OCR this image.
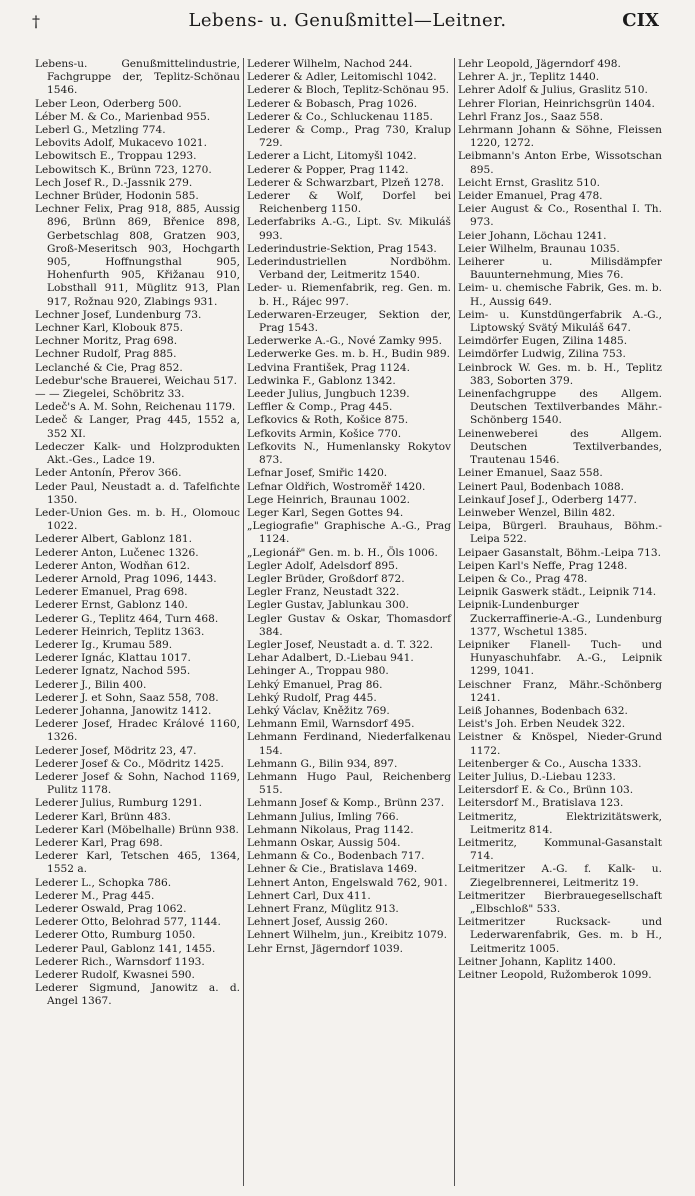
†	Lebens- u. Genußmittel—Leitner.	CIX

Lebens-u. Genußmittelindustrie, Fachgruppe der, Teplitz-Schönau 1546.

Leber Leon, Oderberg 500.

Léber M. & Co., Marienbad 955.

Leberl G., Metzling 774.

Lebovits Adolf, Mukacevo 1021.

Lebowitsch E., Troppau 1293.

Lebowitsch K., Brünn 723, 1270.

Lech Josef R., D.-Jassnik 279.

Lechner Brüder, Hodonin 585.

Lechner Felix, Prag 918, 885, Aussig 896, Brünn 869, Břenice 898, Gerbetschlag 808, Gratzen 903, Groß-Meseritsch 903, Hochgarth 905, Hoffnungsthal 905, Hohenfurth 905, Křižanau 910, Lobsthall 911, Müglitz 913, Plan 917, Rožnau 920, Zlabings 931.

Lechner Josef, Lundenburg 73.

Lechner Karl, Klobouk 875.

Lechner Moritz, Prag 698.

Lechner Rudolf, Prag 885.

Leclanché & Cie, Prag 852.

Ledebur'sche Brauerei, Weichau 517.

— — Ziegelei, Schöbritz 33.

Ledeč's A. M. Sohn, Reichenau 1179.

Ledeč & Langer, Prag 445, 1552 a, 352 XI.

Ledeczer Kalk- und Holzprodukten Akt.-Ges., Ladce 19.

Leder Antonín, Přerov 366.

Leder Paul, Neustadt a. d. Tafelfichte 1350.

Leder-Union Ges. m. b. H., Olomouc 1022.

Lederer Albert, Gablonz 181.

Lederer Anton, Lučenec 1326.

Lederer Anton, Wodňan 612.

Lederer Arnold, Prag 1096, 1443.

Lederer Emanuel, Prag 698.

Lederer Ernst, Gablonz 140.

Lederer G., Teplitz 464, Turn 468.

Lederer Heinrich, Teplitz 1363.

Lederer Ig., Krumau 589.

Lederer Ignác, Klattau 1017.

Lederer Ignatz, Nachod 595.

Lederer J., Bilin 400.

Lederer J. et Sohn, Saaz 558, 708.

Lederer Johanna, Janowitz 1412.

Lederer Josef, Hradec Králové 1160, 1326.

Lederer Josef, Mödritz 23, 47.

Lederer Josef & Co., Mödritz 1425.

Lederer Josef & Sohn, Nachod 1169, Pulitz 1178.

Lederer Julius, Rumburg 1291.

Lederer Karl, Brünn 483.

Lederer Karl (Möbelhalle) Brünn 938.

Lederer Karl, Prag 698.

Lederer Karl, Tetschen 465, 1364, 1552 a.

Lederer L., Schopka 786.

Lederer M., Prag 445.

Lederer Oswald, Prag 1062.

Lederer Otto, Belohrad 577, 1144.

Lederer Otto, Rumburg 1050.

Lederer Paul, Gablonz 141, 1455.

Lederer Rich., Warnsdorf 1193.

Lederer Rudolf, Kwasnei 590.

Lederer Sigmund, Janowitz a. d. Angel 1367.

Lederer Wilhelm, Nachod 244.

Lederer & Adler, Leitomischl 1042.

Lederer & Bloch, Teplitz-Schönau 95.

Lederer & Bobasch, Prag 1026.

Lederer & Co., Schluckenau 1185.

Lederer & Comp., Prag 730, Kralup 729.

Lederer a Licht, Litomyšl 1042.

Lederer & Popper, Prag 1142.

Lederer & Schwarzbart, Plzeň 1278.

Lederer & Wolf, Dorfel bei Reichenberg 1150.

Lederfabriks A.-G., Lipt. Sv. Mikuláš 993.

Lederindustrie-Sektion, Prag 1543.

Lederindustriellen Nordböhm. Verband der, Leitmeritz 1540.

Leder- u. Riemenfabrik, reg. Gen. m. b. H., Rájec 997.

Lederwaren-Erzeuger, Sektion der, Prag 1543.

Lederwerke A.-G., Nové Zamky 995.

Lederwerke Ges. m. b. H., Budin 989.

Ledvina František, Prag 1124.

Ledwinka F., Gablonz 1342.

Leeder Julius, Jungbuch 1239.

Leffler & Comp., Prag 445.

Lefkovics & Roth, Košice 875.

Lefkovits Armin, Košice 770.

Lefkovits N., Humenlansky Rokytov 873.

Lefnar Josef, Smiřic 1420.

Lefnar Oldřich, Wostroměř 1420.

Lege Heinrich, Braunau 1002.

Leger Karl, Segen Gottes 94.

„Legiografie" Graphische A.-G., Prag 1124.

„Legionář" Gen. m. b. H., Öls 1006.

Legler Adolf, Adelsdorf 895.

Legler Brüder, Großdorf 872.

Legler Franz, Neustadt 322.

Legler Gustav, Jablunkau 300.

Legler Gustav & Oskar, Thomasdorf 384.

Legler Josef, Neustadt a. d. T. 322.

Lehar Adalbert, D.-Liebau 941.

Lehinger A., Troppau 980.

Lehký Emanuel, Prag 86.

Lehký Rudolf, Prag 445.

Lehký Václav, Kněžitz 769.

Lehmann Emil, Warnsdorf 495.

Lehmann Ferdinand, Niederfalkenau 154.

Lehmann G., Bilin 934, 897.

Lehmann Hugo Paul, Reichenberg 515.

Lehmann Josef & Komp., Brünn 237.

Lehmann Julius, Imling 766.

Lehmann Nikolaus, Prag 1142.

Lehmann Oskar, Aussig 504.

Lehmann & Co., Bodenbach 717.

Lehner & Cie., Bratislava 1469.

Lehnert Anton, Engelswald 762, 901.

Lehnert Carl, Dux 411.

Lehnert Franz, Müglitz 913.

Lehnert Josef, Aussig 260.

Lehnert Wilhelm, jun., Kreibitz 1079.

Lehr Ernst, Jägerndorf 1039.

Lehr Leopold, Jägerndorf 498.

Lehrer A. jr., Teplitz 1440.

Lehrer Adolf & Julius, Graslitz 510.

Lehrer Florian, Heinrichsgrün 1404.

Lehrl Franz Jos., Saaz 558.

Lehrmann Johann & Söhne, Fleissen 1220, 1272.

Leibmann's Anton Erbe, Wissotschan 895.

Leicht Ernst, Graslitz 510.

Leider Emanuel, Prag 478.

Leier August & Co., Rosenthal I. Th. 973.

Leier Johann, Löchau 1241.

Leier Wilhelm, Braunau 1035.

Leiherer u. Milisdämpfer Bauunternehmung, Mies 76.

Leim- u. chemische Fabrik, Ges. m. b. H., Aussig 649.

Leim- u. Kunstdüngerfabrik A.-G., Liptowský Svätý Mikuláš 647.

Leimdörfer Eugen, Zilina 1485.

Leimdörfer Ludwig, Zilina 753.

Leinbrock W. Ges. m. b. H., Teplitz 383, Soborten 379.

Leinenfachgruppe des Allgem. Deutschen Textilverbandes Mähr.-Schönberg 1540.

Leinenweberei des Allgem. Deutschen Textilverbandes, Trautenau 1546.

Leiner Emanuel, Saaz 558.

Leinert Paul, Bodenbach 1088.

Leinkauf Josef J., Oderberg 1477.

Leinweber Wenzel, Bilin 482.

Leipa, Bürgerl. Brauhaus, Böhm.-Leipa 522.

Leipaer Gasanstalt, Böhm.-Leipa 713.

Leipen Karl's Neffe, Prag 1248.

Leipen & Co., Prag 478.

Leipnik Gaswerk städt., Leipnik 714.

Leipnik-Lundenburger Zuckerraffinerie-A.-G., Lundenburg 1377, Wschetul 1385.

Leipniker Flanell- Tuch- und Hunyaschuhfabr. A.-G., Leipnik 1299, 1041.

Leischner Franz, Mähr.-Schönberg 1241.

Leiß Johannes, Bodenbach 632.

Leist's Joh. Erben Neudek 322.

Leistner & Knöspel, Nieder-Grund 1172.

Leitenberger & Co., Auscha 1333.

Leiter Julius, D.-Liebau 1233.

Leitersdorf E. & Co., Brünn 103.

Leitersdorf M., Bratislava 123.

Leitmeritz, Elektrizitätswerk, Leitmeritz 814.

Leitmeritz, Kommunal-Gasanstalt 714.

Leitmeritzer A.-G. f. Kalk- u. Ziegelbrennerei, Leitmeritz 19.

Leitmeritzer Bierbrauegesellschaft „Elbschloß" 533.

Leitmeritzer Rucksack- und Lederwarenfabrik, Ges. m. b H., Leitmeritz 1005.

Leitner Johann, Kaplitz 1400.

Leitner Leopold, Ružomberok 1099.
